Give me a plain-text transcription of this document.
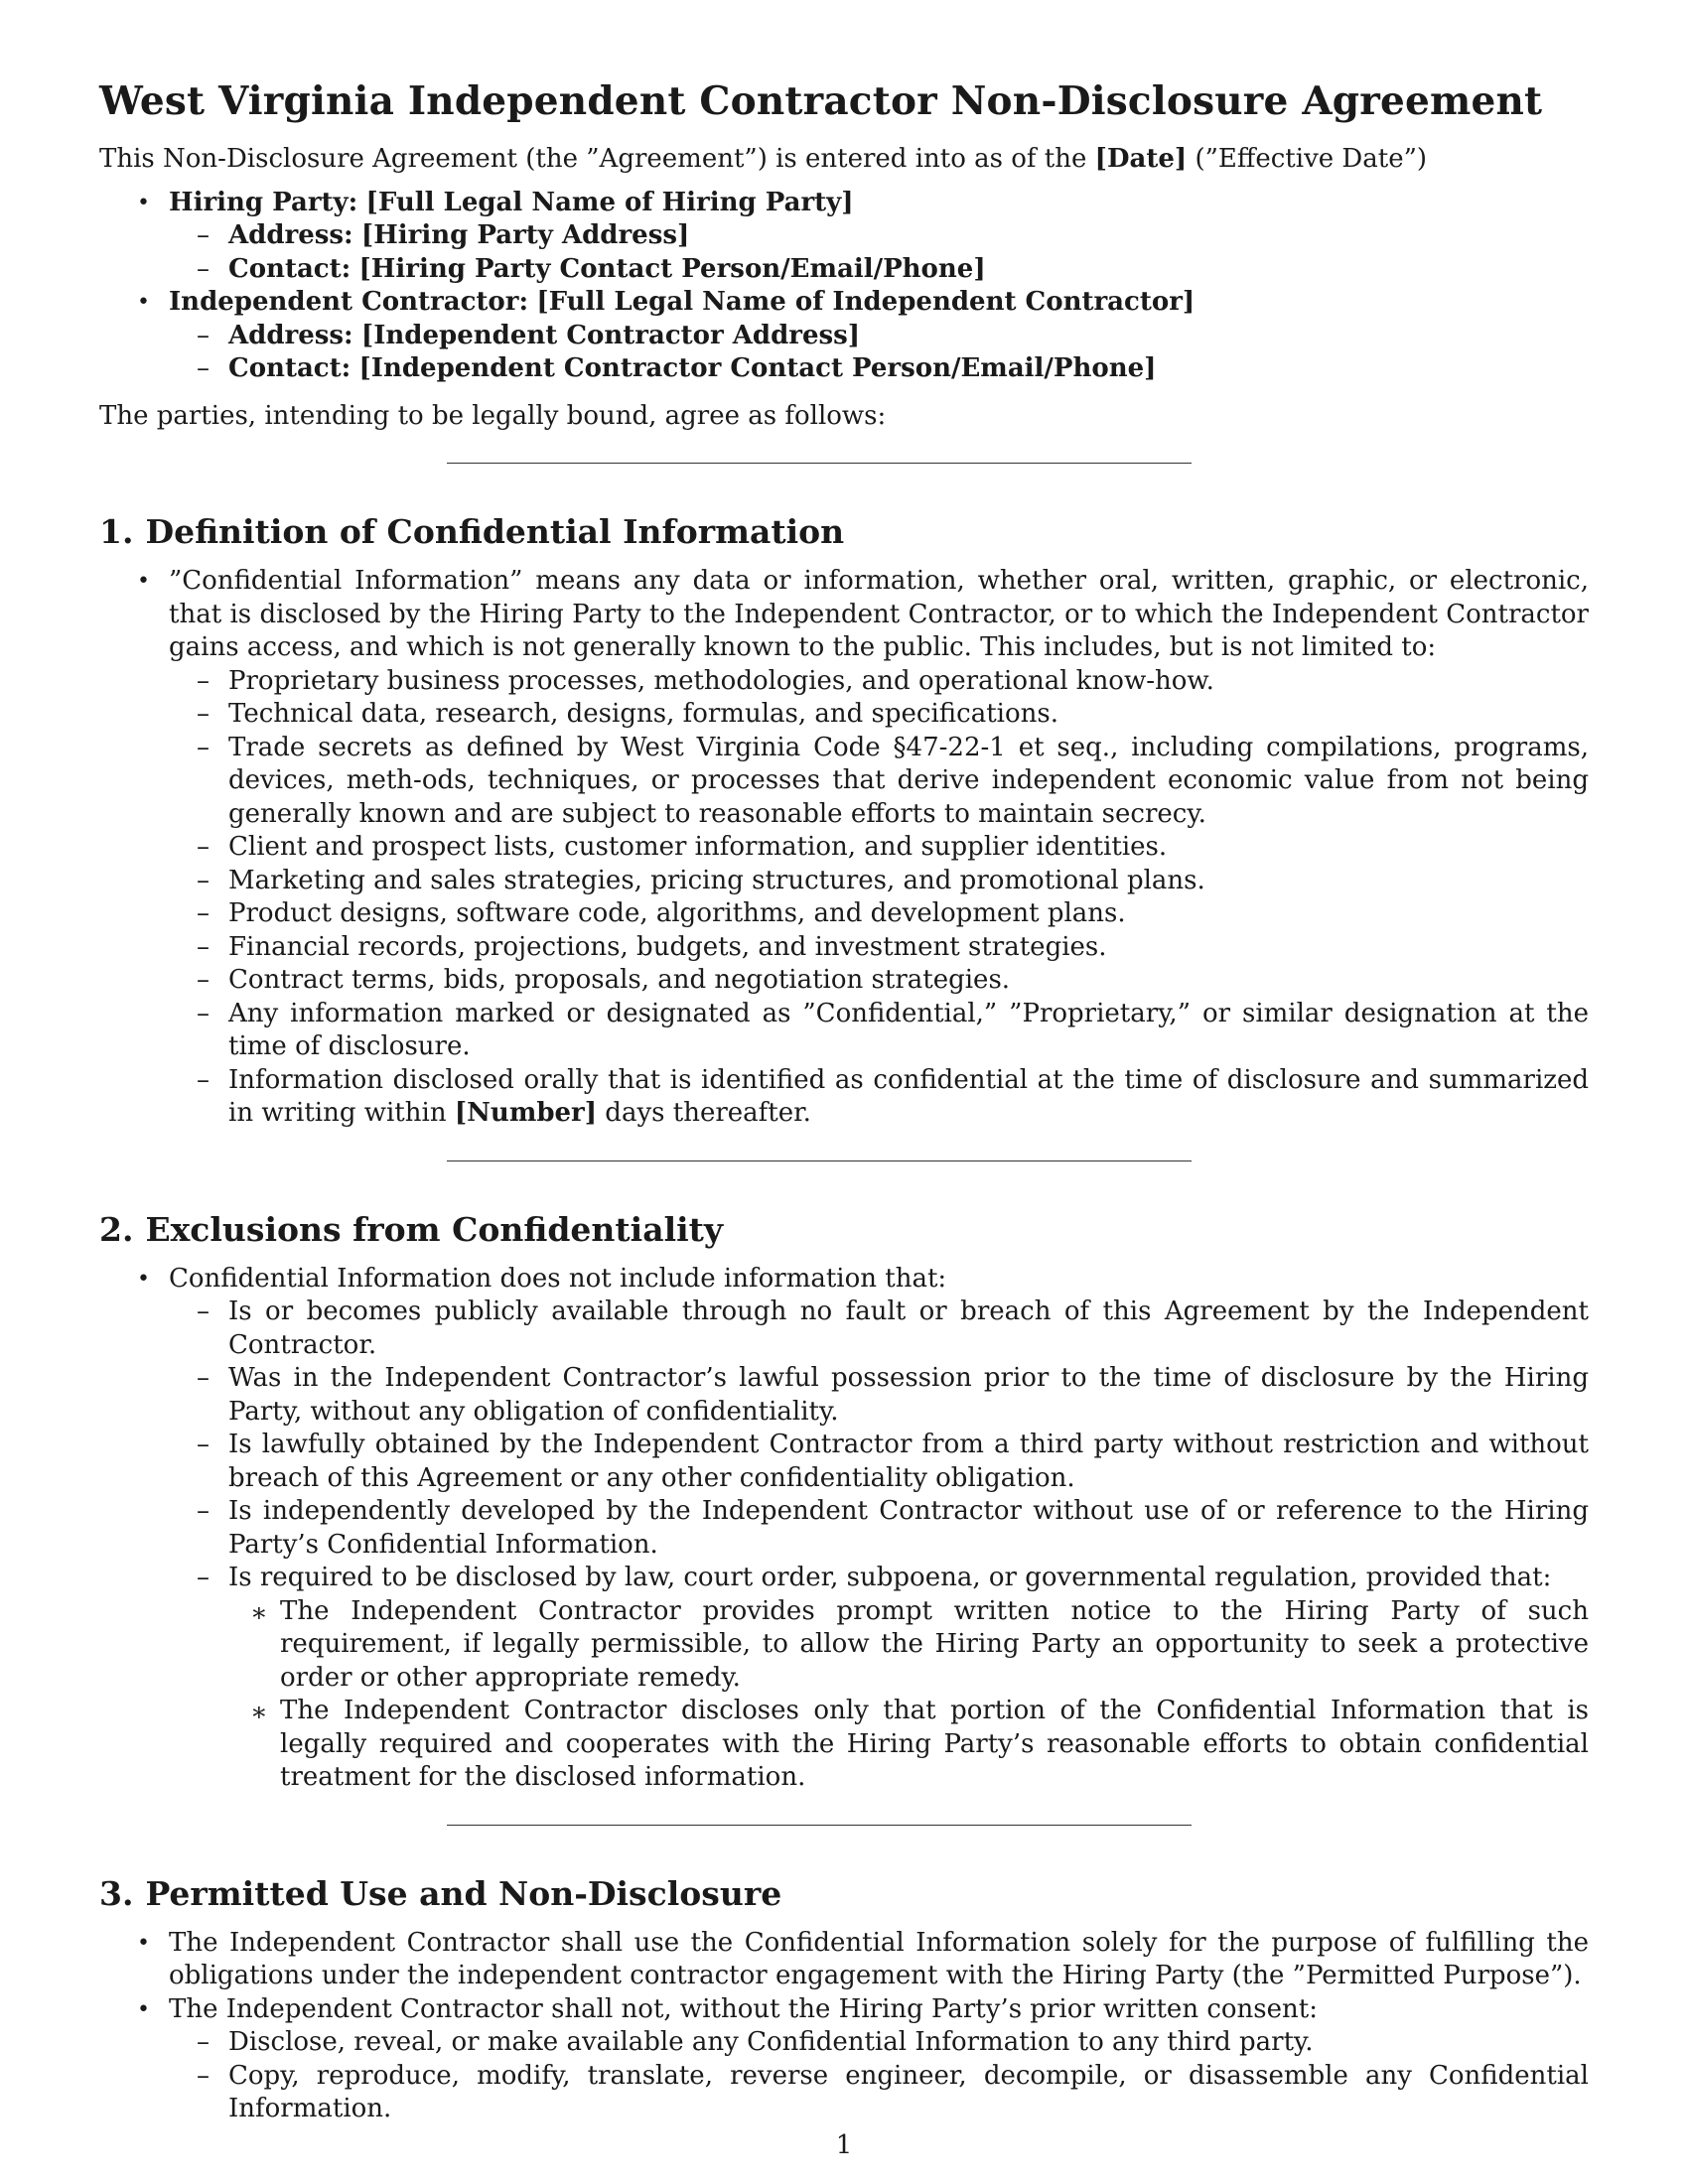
West Virginia Independent Contractor Non-Disclosure Agreement

This Non-Disclosure Agreement (the ”Agreement”) is entered into as of the [Date] (”Effective Date”)

• Hiring Party: [Full Legal Name of Hiring Party]
– Address: [Hiring Party Address]
– Contact: [Hiring Party Contact Person/Email/Phone]
• Independent Contractor: [Full Legal Name of Independent Contractor]
– Address: [Independent Contractor Address]
– Contact: [Independent Contractor Contact Person/Email/Phone]

The parties, intending to be legally bound, agree as follows:

1. Definition of Confidential Information
• ”Confidential Information” means any data or information, whether oral, written, graphic, or electronic, that is disclosed by the Hiring Party to the Independent Contractor, or to which the Independent Contractor gains access, and which is not generally known to the public. This includes, but is not limited to:
– Proprietary business processes, methodologies, and operational know-how.
– Technical data, research, designs, formulas, and specifications.
– Trade secrets as defined by West Virginia Code §47-22-1 et seq., including compilations, programs, devices, meth-ods, techniques, or processes that derive independent economic value from not being generally known and are subject to reasonable efforts to maintain secrecy.
– Client and prospect lists, customer information, and supplier identities.
– Marketing and sales strategies, pricing structures, and promotional plans.
– Product designs, software code, algorithms, and development plans.
– Financial records, projections, budgets, and investment strategies.
– Contract terms, bids, proposals, and negotiation strategies.
– Any information marked or designated as ”Confidential,” ”Proprietary,” or similar designation at the time of disclosure.
– Information disclosed orally that is identified as confidential at the time of disclosure and summarized in writing within [Number] days thereafter.
2. Exclusions from Confidentiality
• Confidential Information does not include information that:
– Is or becomes publicly available through no fault or breach of this Agreement by the Independent Contractor.
– Was in the Independent Contractor’s lawful possession prior to the time of disclosure by the Hiring Party, without any obligation of confidentiality.
– Is lawfully obtained by the Independent Contractor from a third party without restriction and without breach of this Agreement or any other confidentiality obligation.
– Is independently developed by the Independent Contractor without use of or reference to the Hiring Party’s Confidential Information.
– Is required to be disclosed by law, court order, subpoena, or governmental regulation, provided that:
∗ The Independent Contractor provides prompt written notice to the Hiring Party of such requirement, if legally permissible, to allow the Hiring Party an opportunity to seek a protective order or other appropriate remedy.
∗ The Independent Contractor discloses only that portion of the Confidential Information that is legally required and cooperates with the Hiring Party’s reasonable efforts to obtain confidential treatment for the disclosed information.
3. Permitted Use and Non-Disclosure
• The Independent Contractor shall use the Confidential Information solely for the purpose of fulfilling the obligations under the independent contractor engagement with the Hiring Party (the ”Permitted Purpose”).
• The Independent Contractor shall not, without the Hiring Party’s prior written consent:
– Disclose, reveal, or make available any Confidential Information to any third party.
– Copy, reproduce, modify, translate, reverse engineer, decompile, or disassemble any Confidential Information.
1
